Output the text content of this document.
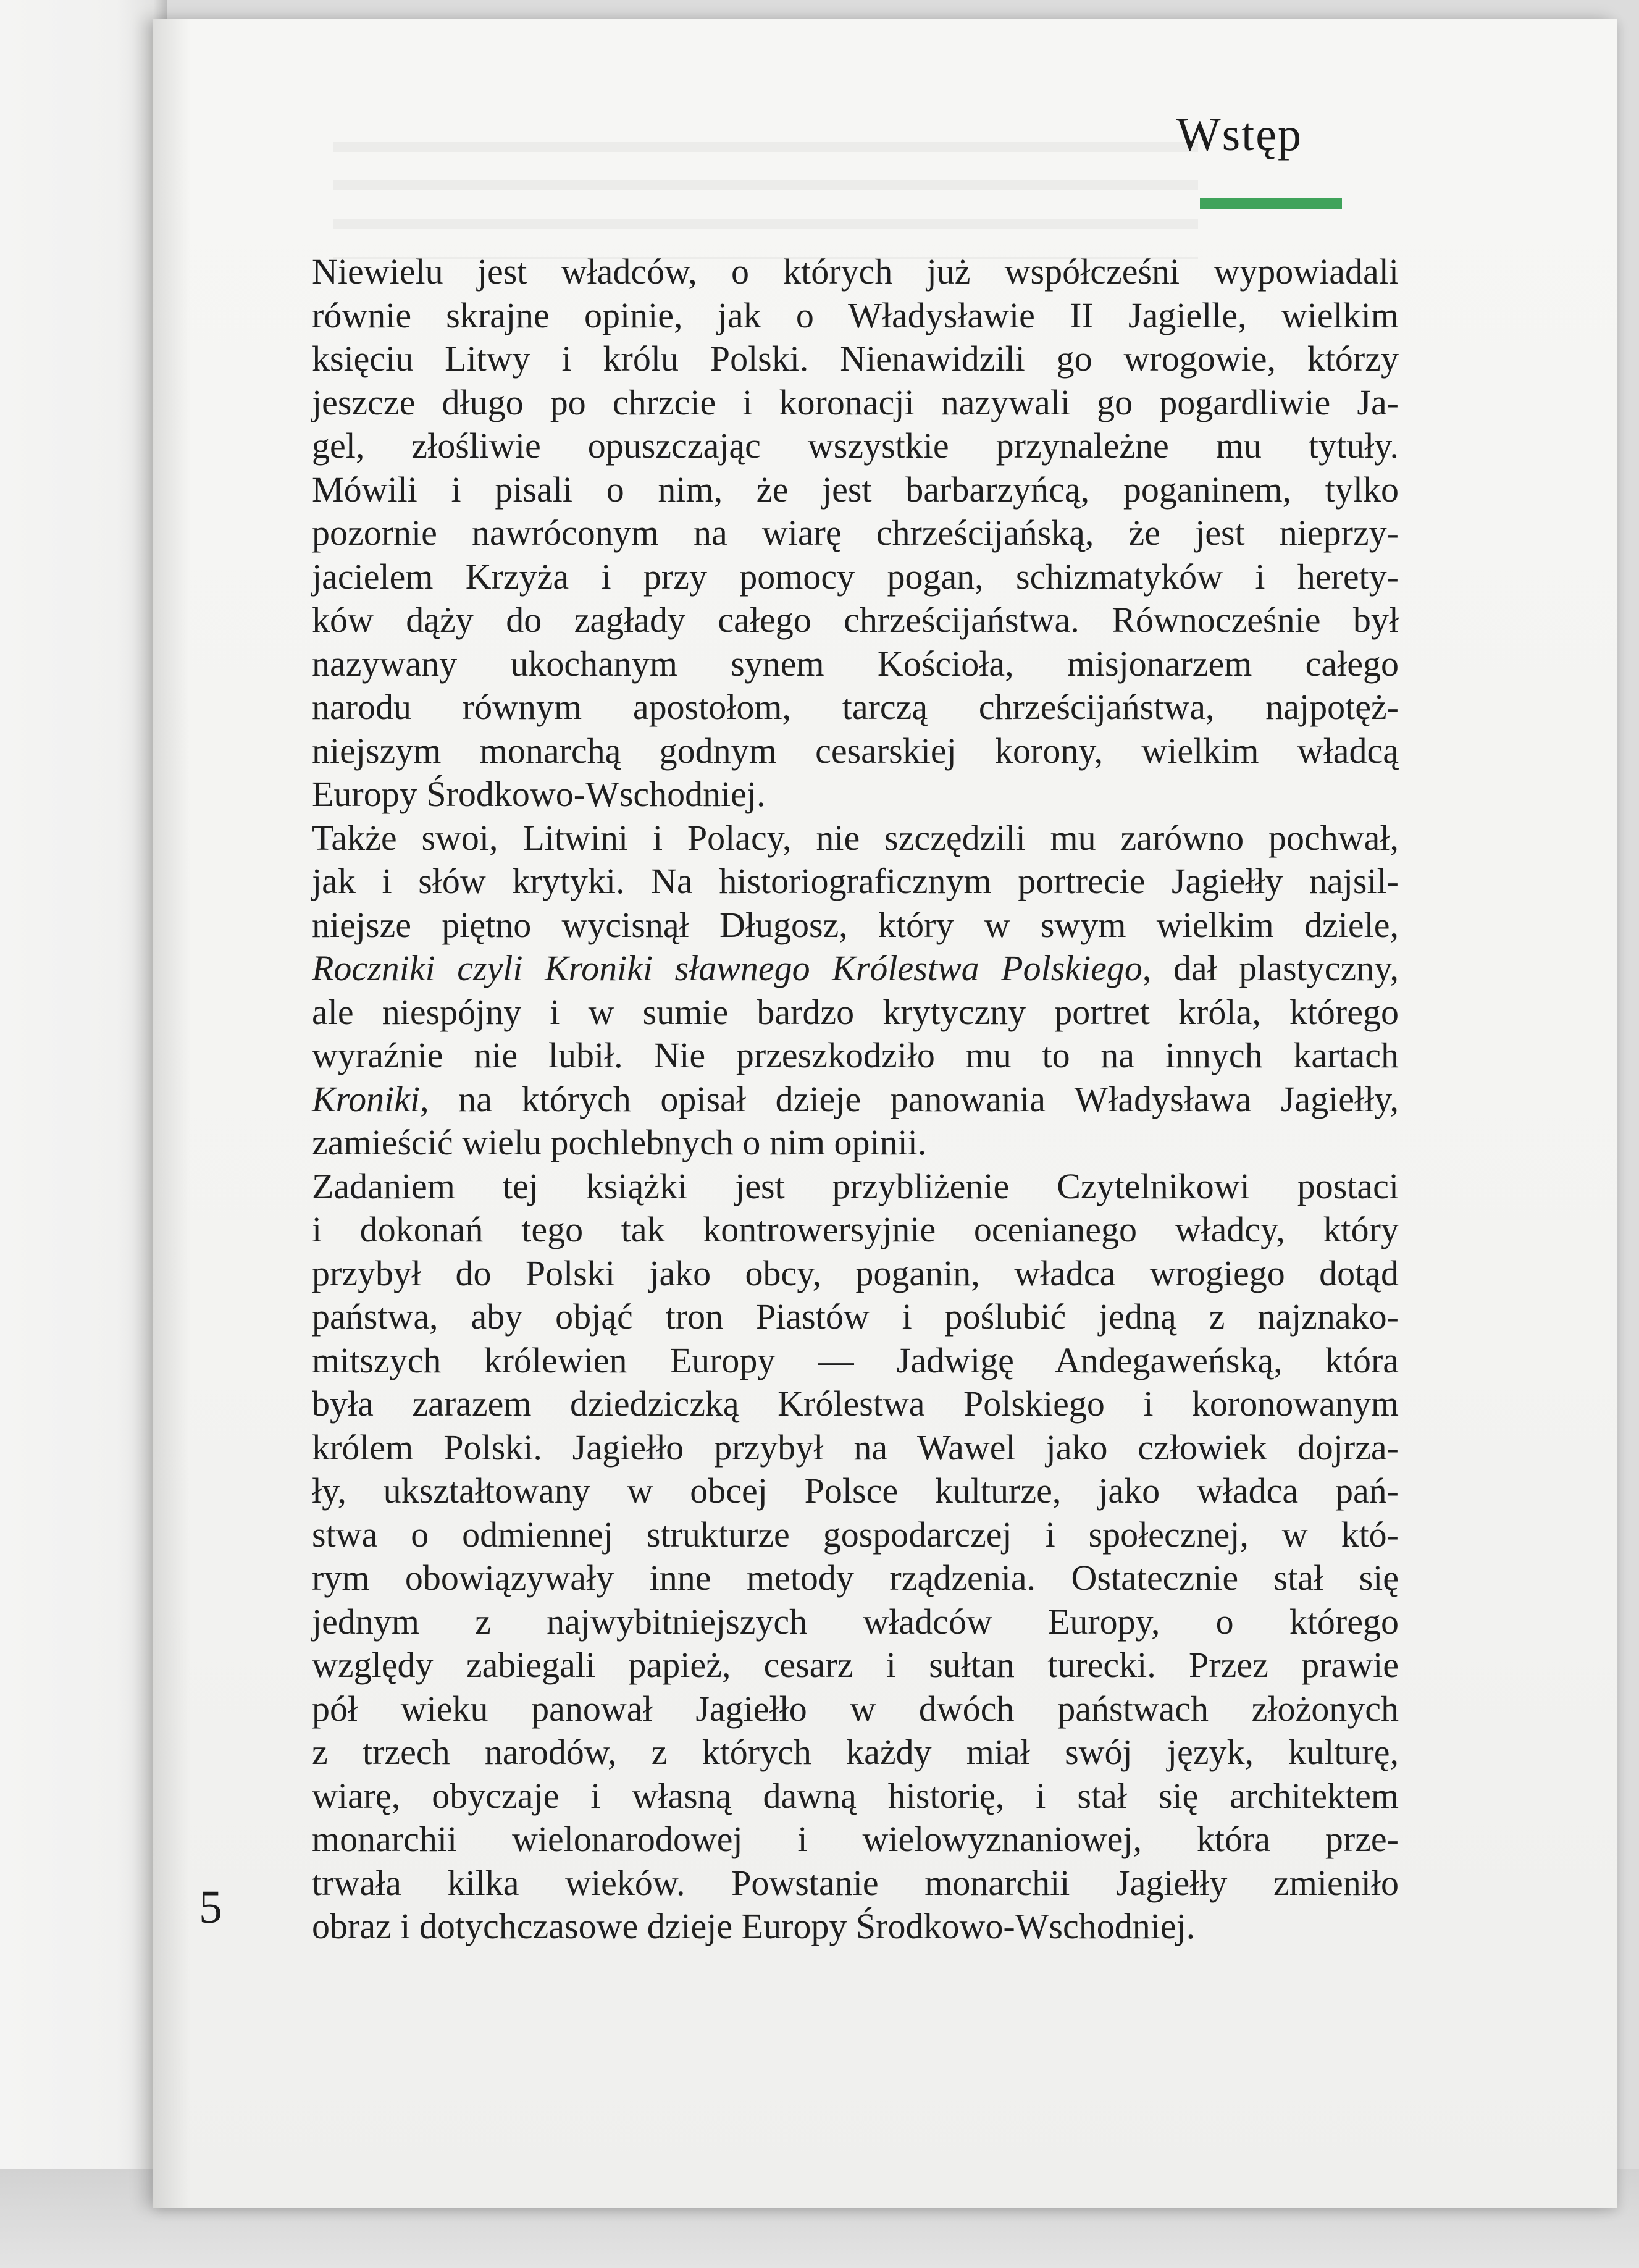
Wstęp
Niewielu jest władców, o których już współcześni wypowiadali
równie skrajne opinie, jak o Władysławie II Jagielle, wielkim
księciu Litwy i królu Polski. Nienawidzili go wrogowie, którzy
jeszcze długo po chrzcie i koronacji nazywali go pogardliwie Ja-
gel, złośliwie opuszczając wszystkie przynależne mu tytuły.
Mówili i pisali o nim, że jest barbarzyńcą, poganinem, tylko
pozornie nawróconym na wiarę chrześcijańską, że jest nieprzy-
jacielem Krzyża i przy pomocy pogan, schizmatyków i herety-
ków dąży do zagłady całego chrześcijaństwa. Równocześnie był
nazywany ukochanym synem Kościoła, misjonarzem całego
narodu równym apostołom, tarczą chrześcijaństwa, najpotęż-
niejszym monarchą godnym cesarskiej korony, wielkim władcą
Europy Środkowo-Wschodniej.
Także swoi, Litwini i Polacy, nie szczędzili mu zarówno pochwał,
jak i słów krytyki. Na historiograficznym portrecie Jagiełły najsil-
niejsze piętno wycisnął Długosz, który w swym wielkim dziele,
Roczniki czyli Kroniki sławnego Królestwa Polskiego, dał plastyczny,
ale niespójny i w sumie bardzo krytyczny portret króla, którego
wyraźnie nie lubił. Nie przeszkodziło mu to na innych kartach
Kroniki, na których opisał dzieje panowania Władysława Jagiełły,
zamieścić wielu pochlebnych o nim opinii.
Zadaniem tej książki jest przybliżenie Czytelnikowi postaci
i dokonań tego tak kontrowersyjnie ocenianego władcy, który
przybył do Polski jako obcy, poganin, władca wrogiego dotąd
państwa, aby objąć tron Piastów i poślubić jedną z najznako-
mitszych królewien Europy — Jadwigę Andegaweńską, która
była zarazem dziedziczką Królestwa Polskiego i koronowanym
królem Polski. Jagiełło przybył na Wawel jako człowiek dojrza-
ły, ukształtowany w obcej Polsce kulturze, jako władca pań-
stwa o odmiennej strukturze gospodarczej i społecznej, w któ-
rym obowiązywały inne metody rządzenia. Ostatecznie stał się
jednym z najwybitniejszych władców Europy, o którego
względy zabiegali papież, cesarz i sułtan turecki. Przez prawie
pół wieku panował Jagiełło w dwóch państwach złożonych
z trzech narodów, z których każdy miał swój język, kulturę,
wiarę, obyczaje i własną dawną historię, i stał się architektem
monarchii wielonarodowej i wielowyznaniowej, która prze-
trwała kilka wieków. Powstanie monarchii Jagiełły zmieniło
obraz i dotychczasowe dzieje Europy Środkowo-Wschodniej.
5
